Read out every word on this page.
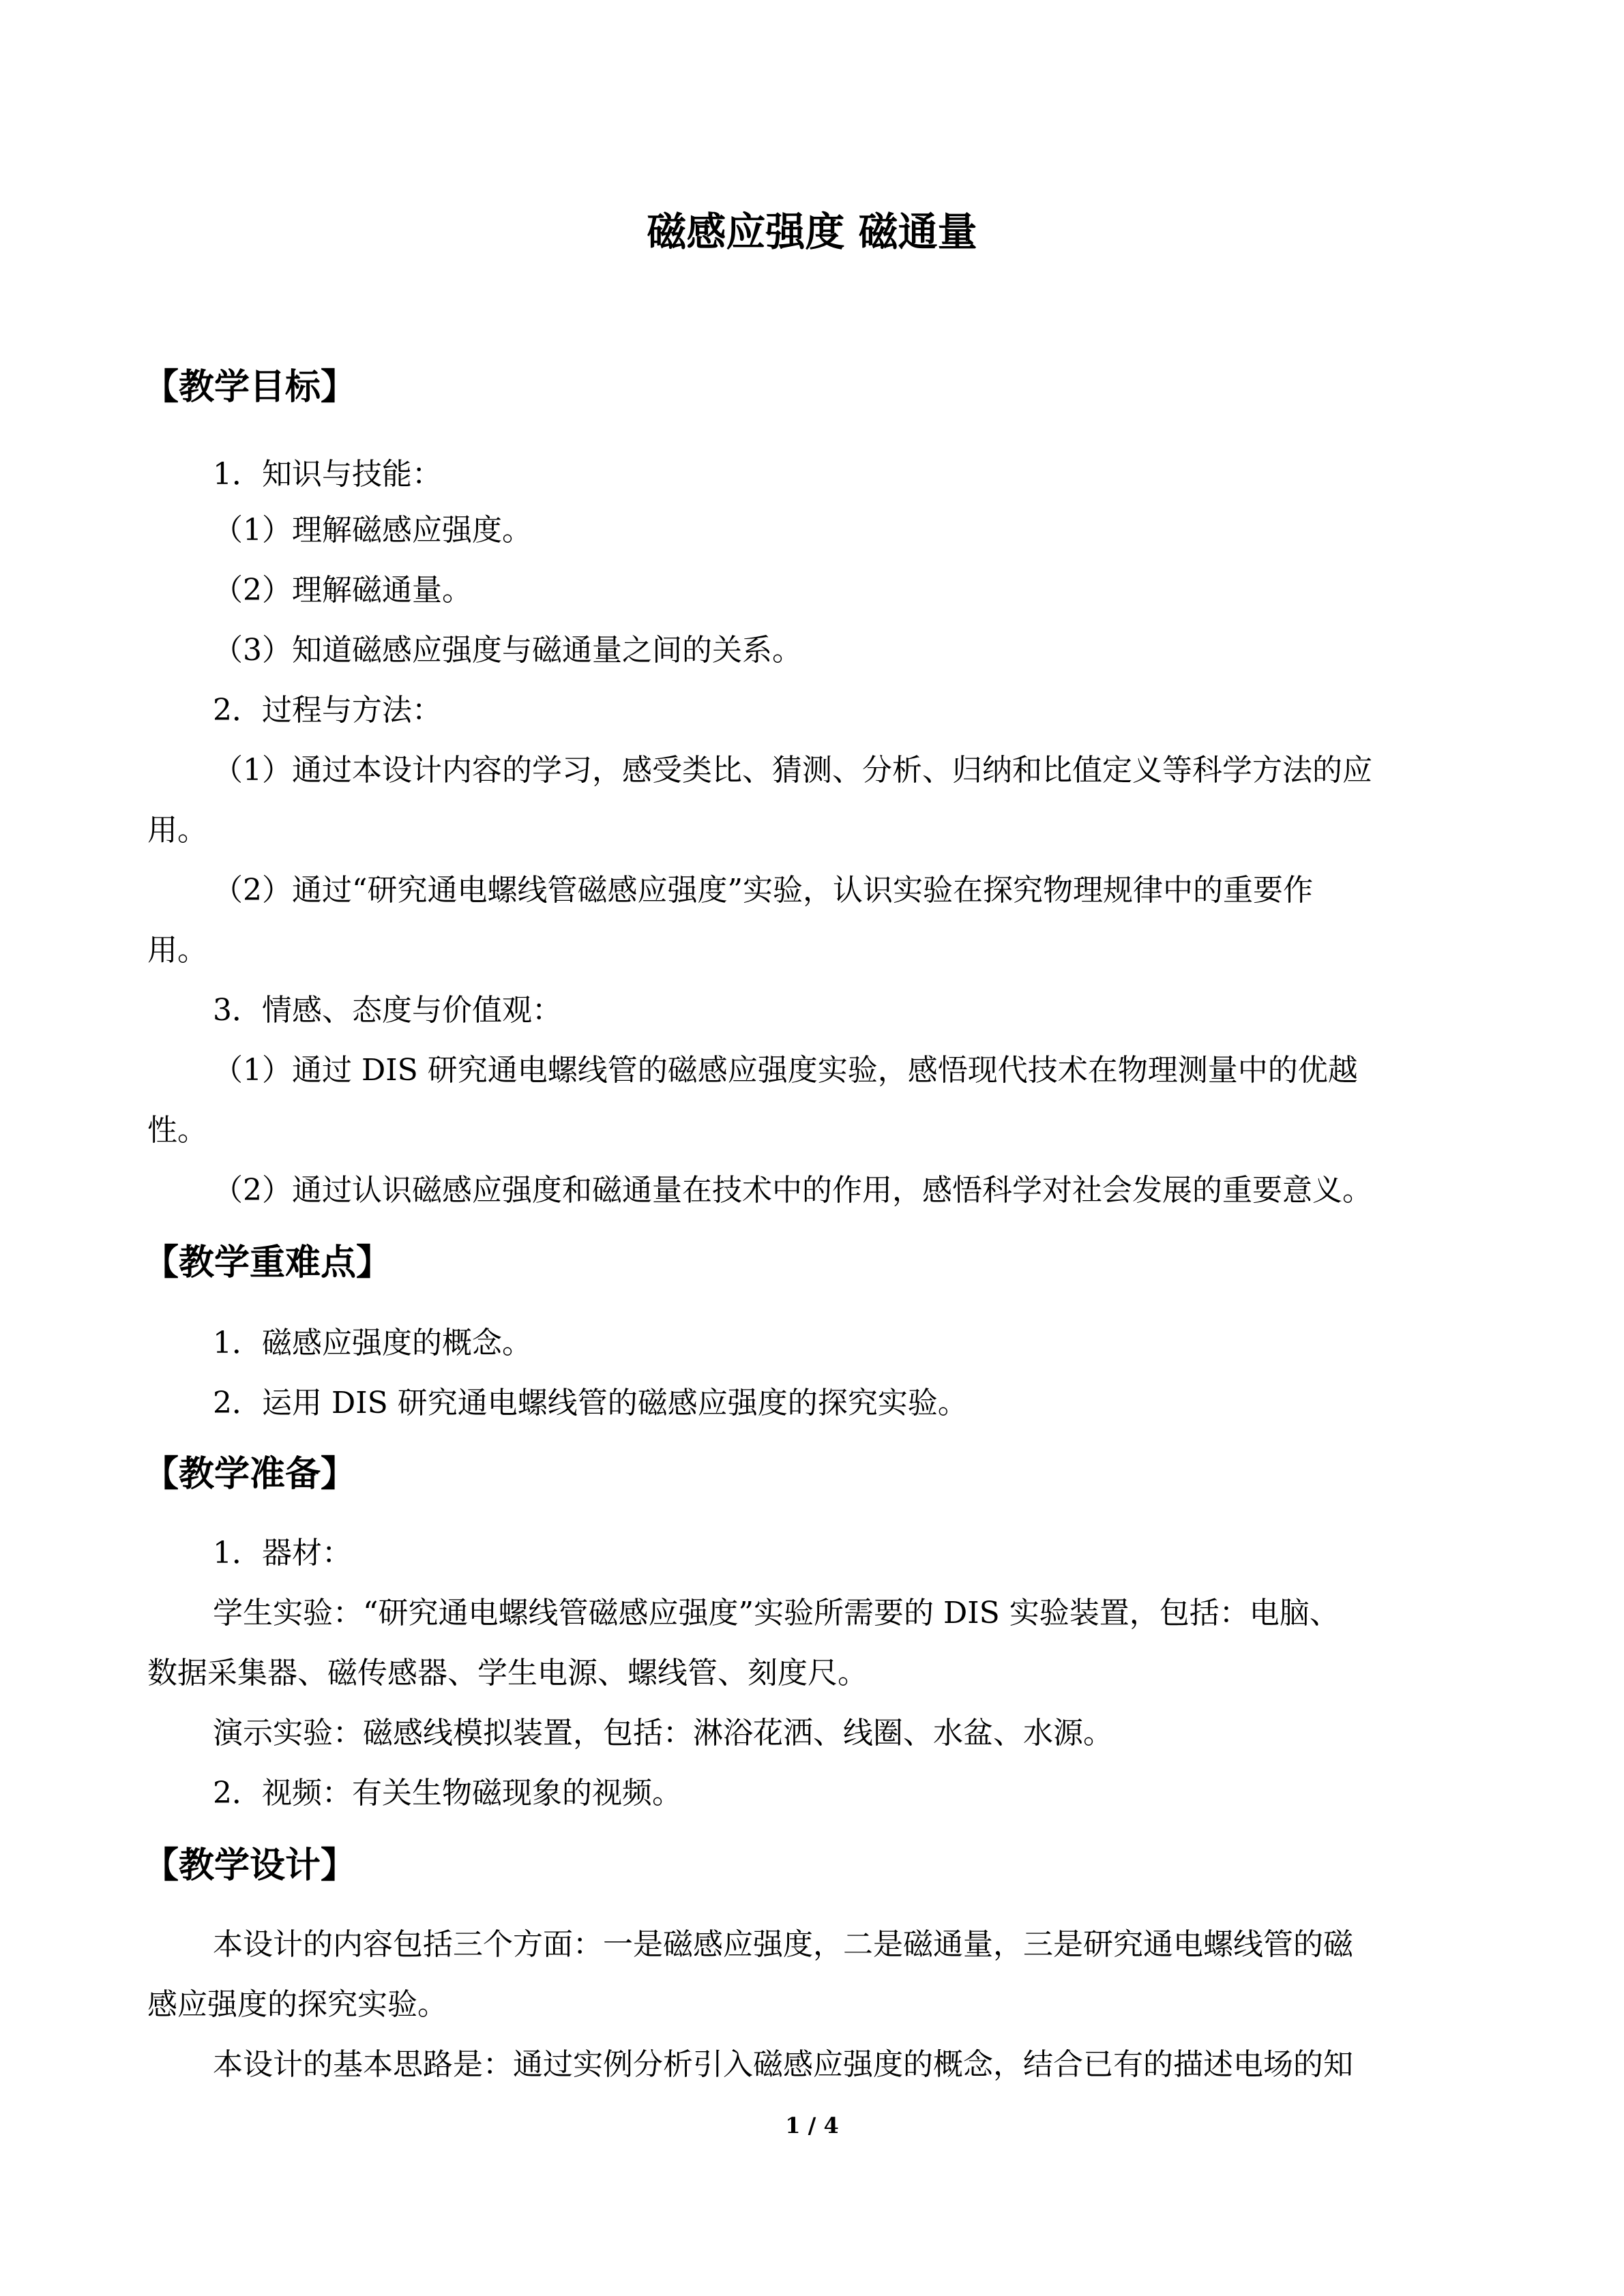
磁感应强度 磁通量
【教学目标】
1．知识与技能：
（1）理解磁感应强度。
（2）理解磁通量。
（3）知道磁感应强度与磁通量之间的关系。
2．过程与方法：
（1）通过本设计内容的学习，感受类比、猜测、分析、归纳和比值定义等科学方法的应
用。
（2）通过“研究通电螺线管磁感应强度”实验，认识实验在探究物理规律中的重要作
用。
3．情感、态度与价值观：
（1）通过 DIS 研究通电螺线管的磁感应强度实验，感悟现代技术在物理测量中的优越
性。
（2）通过认识磁感应强度和磁通量在技术中的作用，感悟科学对社会发展的重要意义。
【教学重难点】
1．磁感应强度的概念。
2．运用 DIS 研究通电螺线管的磁感应强度的探究实验。
【教学准备】
1．器材：
学生实验：“研究通电螺线管磁感应强度”实验所需要的 DIS 实验装置，包括：电脑、
数据采集器、磁传感器、学生电源、螺线管、刻度尺。
演示实验：磁感线模拟装置，包括：淋浴花洒、线圈、水盆、水源。
2．视频：有关生物磁现象的视频。
【教学设计】
本设计的内容包括三个方面：一是磁感应强度，二是磁通量，三是研究通电螺线管的磁
感应强度的探究实验。
本设计的基本思路是：通过实例分析引入磁感应强度的概念，结合已有的描述电场的知
1 / 4
